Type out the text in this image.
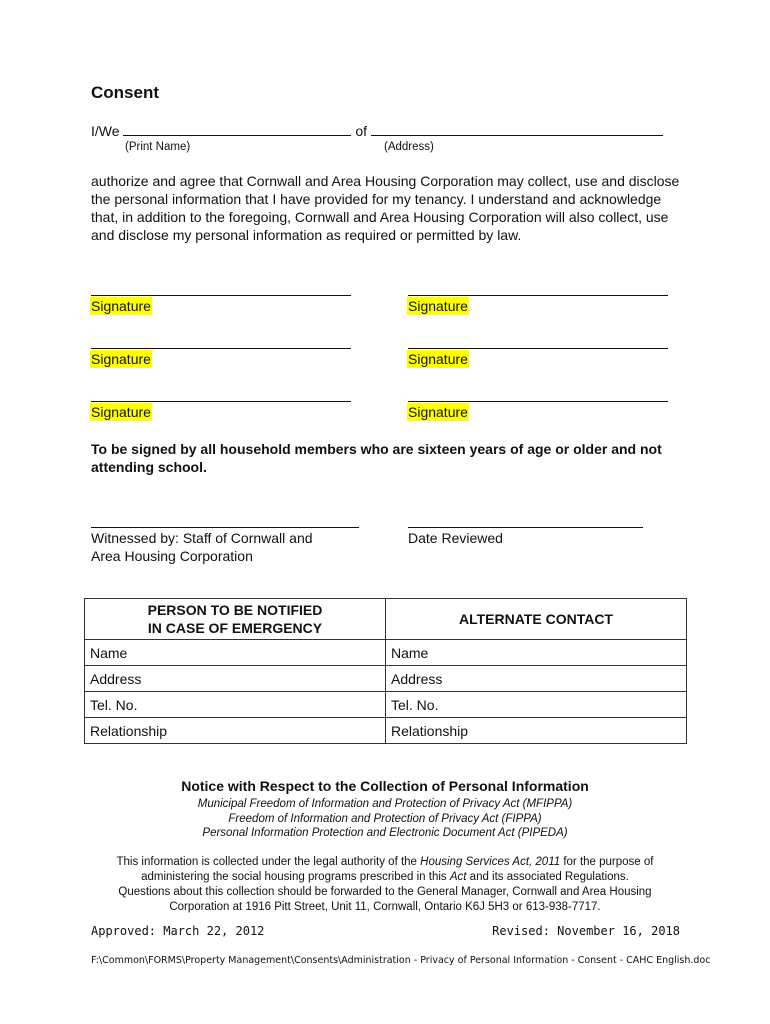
Consent
I/We	of
(Print Name)	(Address)
authorize and agree that Cornwall and Area Housing Corporation may collect, use and disclose the personal information that I have provided for my tenancy. I understand and acknowledge that, in addition to the foregoing, Cornwall and Area Housing Corporation will also collect, use and disclose my personal information as required or permitted by law.
Signature	Signature
Signature	Signature
Signature	Signature
To be signed by all household members who are sixteen years of age or older and not attending school.
Witnessed by: Staff of Cornwall and
Area Housing Corporation
Date Reviewed
PERSON TO BE NOTIFIED
IN CASE OF EMERGENCY	ALTERNATE CONTACT
Name	Name
Address	Address
Tel. No.	Tel. No.
Relationship	Relationship
Notice with Respect to the Collection of Personal Information
Municipal Freedom of Information and Protection of Privacy Act (MFIPPA)
Freedom of Information and Protection of Privacy Act (FIPPA)
Personal Information Protection and Electronic Document Act (PIPEDA)
This information is collected under the legal authority of the Housing Services Act, 2011 for the purpose of
administering the social housing programs prescribed in this Act and its associated Regulations.
Questions about this collection should be forwarded to the General Manager, Cornwall and Area Housing
Corporation at 1916 Pitt Street, Unit 11, Cornwall, Ontario K6J 5H3 or 613-938-7717.
Approved: March 22, 2012	Revised: November 16, 2018
F:\Common\FORMS\Property Management\Consents\Administration - Privacy of Personal Information - Consent - CAHC English.doc
